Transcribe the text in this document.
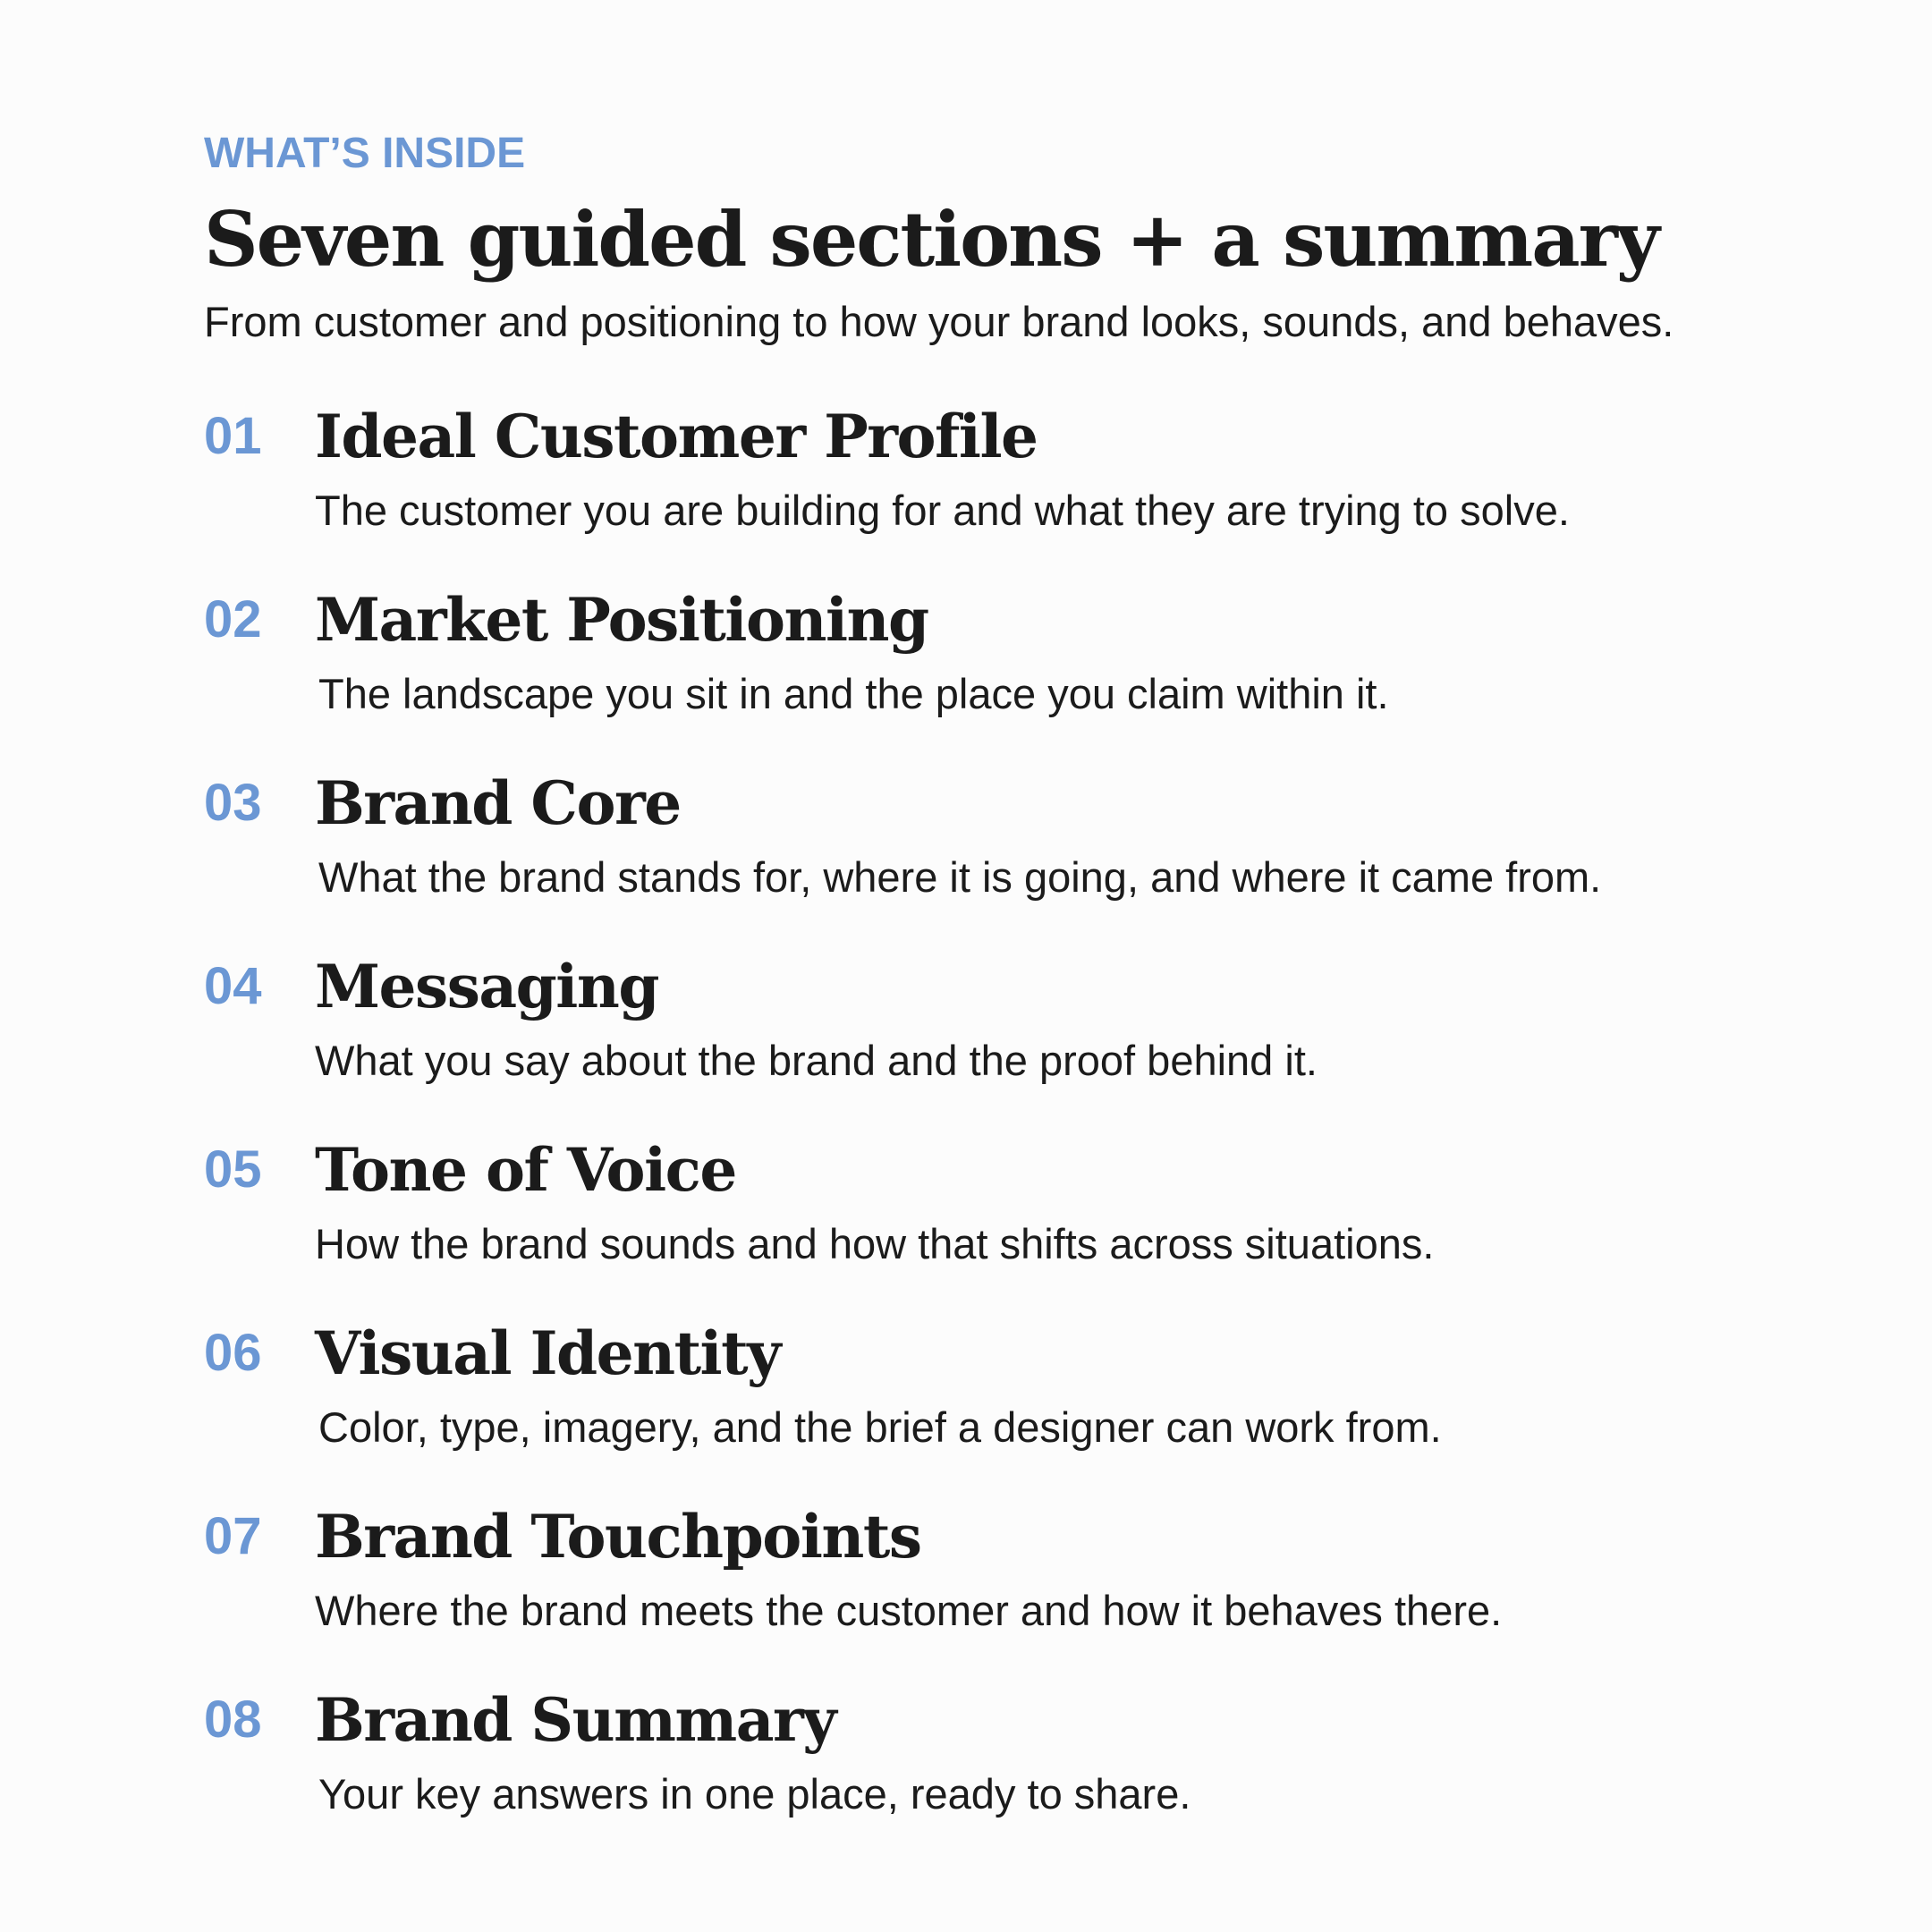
WHAT’S INSIDE

Seven guided sections + a summary

From customer and positioning to how your brand looks, sounds, and behaves.

01 Ideal Customer Profile
The customer you are building for and what they are trying to solve.
02 Market Positioning
The landscape you sit in and the place you claim within it.
03 Brand Core
What the brand stands for, where it is going, and where it came from.
04 Messaging
What you say about the brand and the proof behind it.
05 Tone of Voice
How the brand sounds and how that shifts across situations.
06 Visual Identity
Color, type, imagery, and the brief a designer can work from.
07 Brand Touchpoints
Where the brand meets the customer and how it behaves there.
08 Brand Summary
Your key answers in one place, ready to share.
